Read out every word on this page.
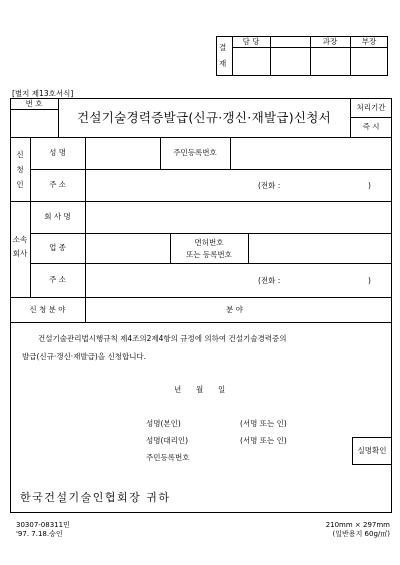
결
재
담 당	과장	부장
[별지 제13호서식]
번 호
건설기술경력증발급(신규·갱신·재발급)신청서
처리기간
즉 시
신
청
인
성 명	주민등록번호
주 소	(전화 :	)
소속
회사
회 사 명
업 종
면허번호
또는 등록번호
주 소	(전화 :	)
신 청 분 야	분 야
건설기술관리법시행규칙 제4조의2제4항의 규정에 의하여 건설기술경력증의
발급(신규·갱신·재발급)을 신청합니다.
년 월 일
성명(본인)	(서명 또는 인)
성명(대리인)	(서명 또는 인)
주민등록번호
실명확인
한국건설기술인협회장 귀하
30307-08311민
'97. 7.18.승인
210mm × 297mm
(일반용지 60g/㎡)
